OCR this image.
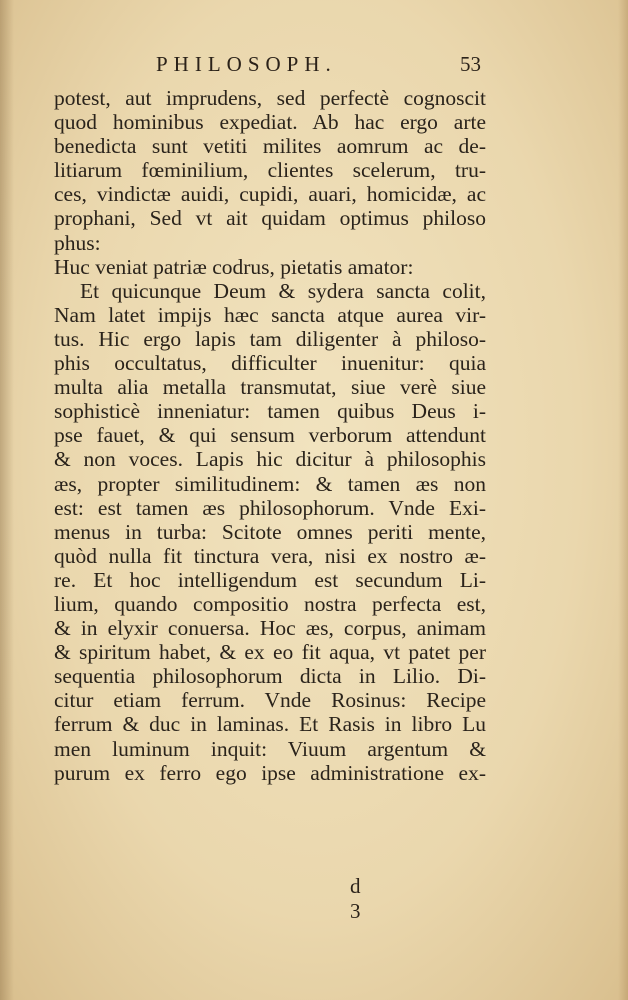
PHILOSOPH.	53
potest, aut imprudens, sed perfectè cognoscit
quod hominibus expediat. Ab hac ergo arte
benedicta sunt vetiti milites aomrum ac de-
litiarum fœminilium, clientes scelerum, tru-
ces, vindictæ auidi, cupidi, auari, homicidæ, ac
prophani, Sed vt ait quidam optimus philoso
phus:
Huc veniat patriæ codrus, pietatis amator:
Et quicunque Deum & sydera sancta colit,
Nam latet impijs hæc sancta atque aurea vir-
tus. Hic ergo lapis tam diligenter à philoso-
phis occultatus, difficulter inuenitur: quia
multa alia metalla transmutat, siue verè siue
sophisticè inneniatur: tamen quibus Deus i-
pse fauet, & qui sensum verborum attendunt
& non voces. Lapis hic dicitur à philosophis
æs, propter similitudinem: & tamen æs non
est: est tamen æs philosophorum. Vnde Exi-
menus in turba: Scitote omnes periti mente,
quòd nulla fit tinctura vera, nisi ex nostro æ-
re. Et hoc intelligendum est secundum Li-
lium, quando compositio nostra perfecta est,
& in elyxir conuersa. Hoc æs, corpus, animam
& spiritum habet, & ex eo fit aqua, vt patet per
sequentia philosophorum dicta in Lilio. Di-
citur etiam ferrum. Vnde Rosinus: Recipe
ferrum & duc in laminas. Et Rasis in libro Lu
men luminum inquit: Viuum argentum &
purum ex ferro ego ipse administratione ex-
d 3
